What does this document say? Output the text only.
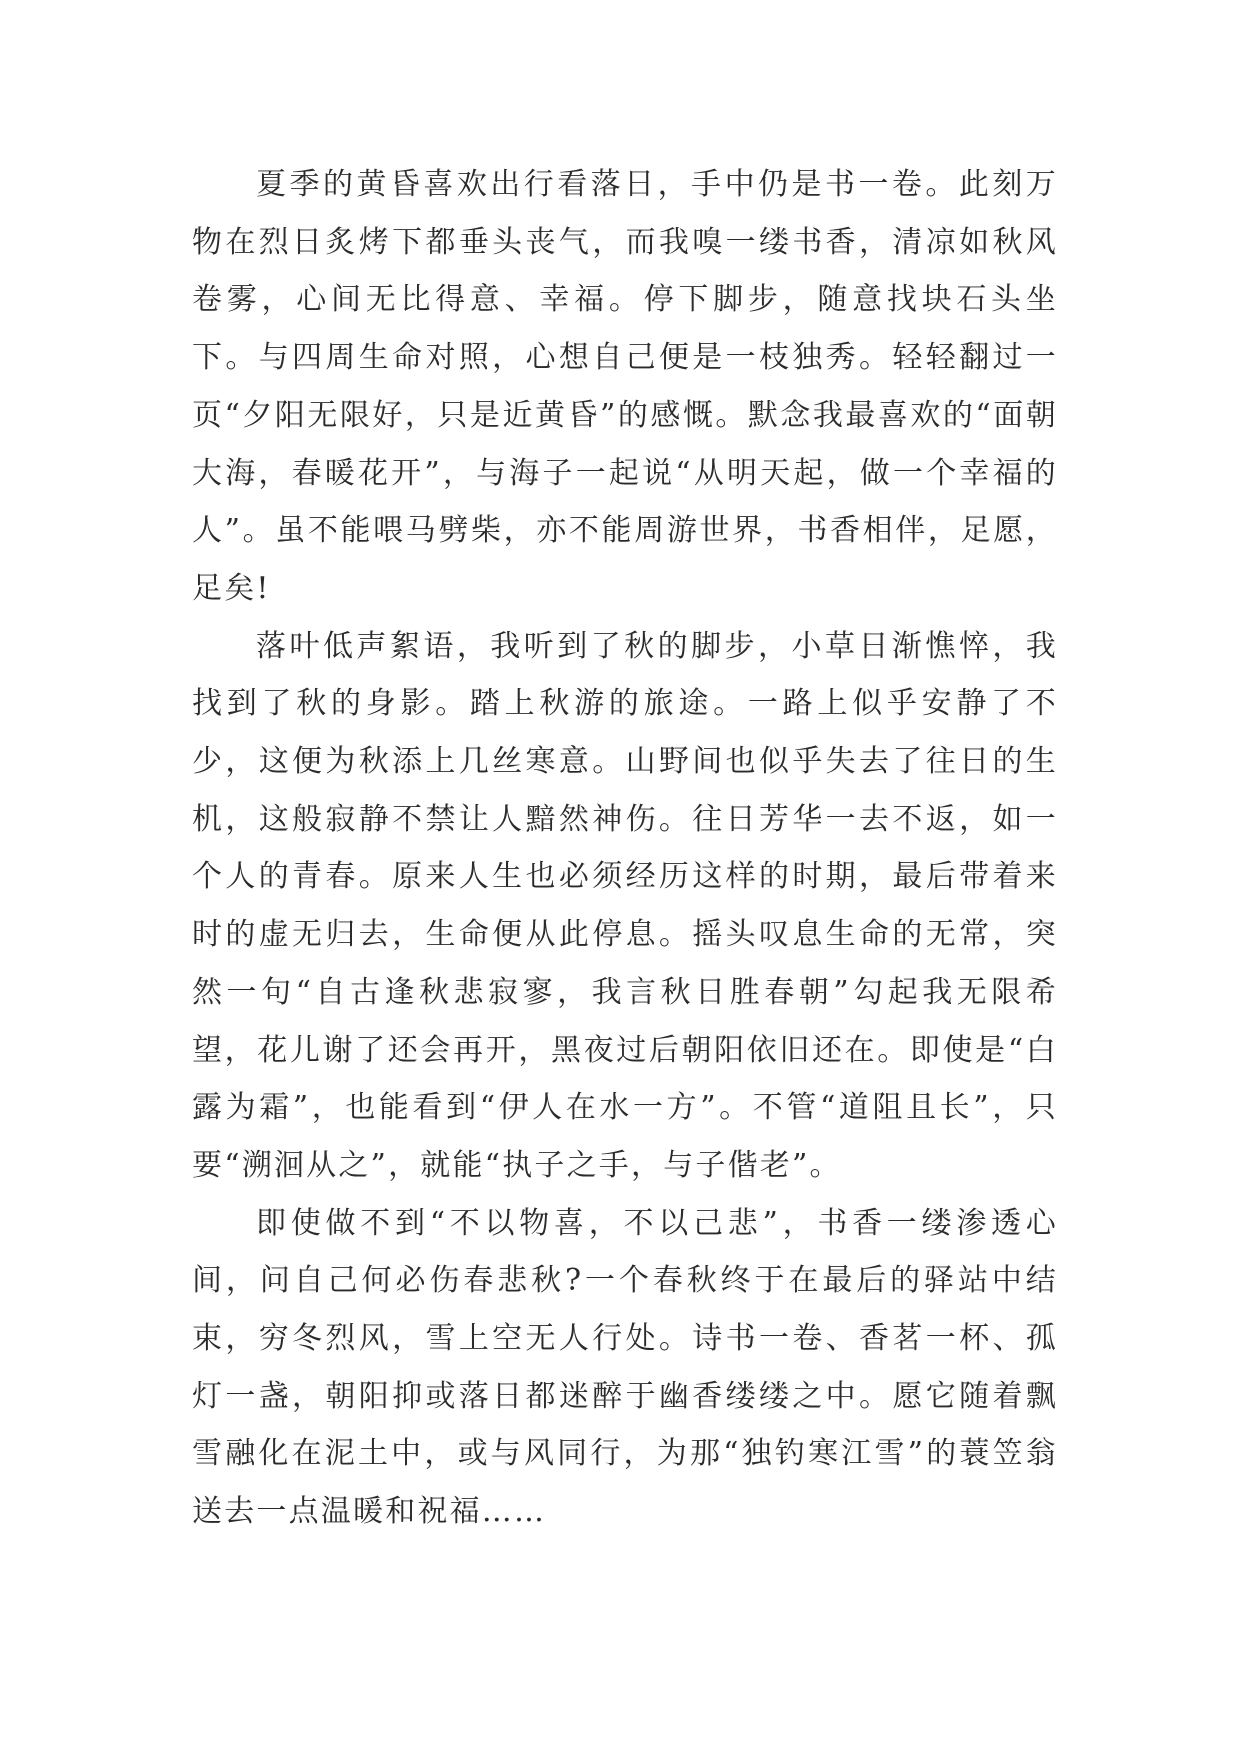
夏季的黄昏喜欢出行看落日，手中仍是书一卷。此刻万物在烈日炙烤下都垂头丧气，而我嗅一缕书香，清凉如秋风卷雾，心间无比得意、幸福。停下脚步，随意找块石头坐下。与四周生命对照，心想自己便是一枝独秀。轻轻翻过一页“夕阳无限好，只是近黄昏”的感慨。默念我最喜欢的“面朝大海，春暖花开”，与海子一起说“从明天起，做一个幸福的人”。虽不能喂马劈柴，亦不能周游世界，书香相伴，足愿，足矣!

落叶低声絮语，我听到了秋的脚步，小草日渐憔悴，我找到了秋的身影。踏上秋游的旅途。一路上似乎安静了不少，这便为秋添上几丝寒意。山野间也似乎失去了往日的生机，这般寂静不禁让人黯然神伤。往日芳华一去不返，如一个人的青春。原来人生也必须经历这样的时期，最后带着来时的虚无归去，生命便从此停息。摇头叹息生命的无常，突然一句“自古逢秋悲寂寥，我言秋日胜春朝”勾起我无限希望，花儿谢了还会再开，黑夜过后朝阳依旧还在。即使是“白露为霜”，也能看到“伊人在水一方”。不管“道阻且长”，只要“溯洄从之”，就能“执子之手，与子偕老”。

即使做不到“不以物喜，不以己悲”，书香一缕渗透心间，问自己何必伤春悲秋?一个春秋终于在最后的驿站中结束，穷冬烈风，雪上空无人行处。诗书一卷、香茗一杯、孤灯一盏，朝阳抑或落日都迷醉于幽香缕缕之中。愿它随着飘雪融化在泥土中，或与风同行，为那“独钓寒江雪”的蓑笠翁送去一点温暖和祝福……
